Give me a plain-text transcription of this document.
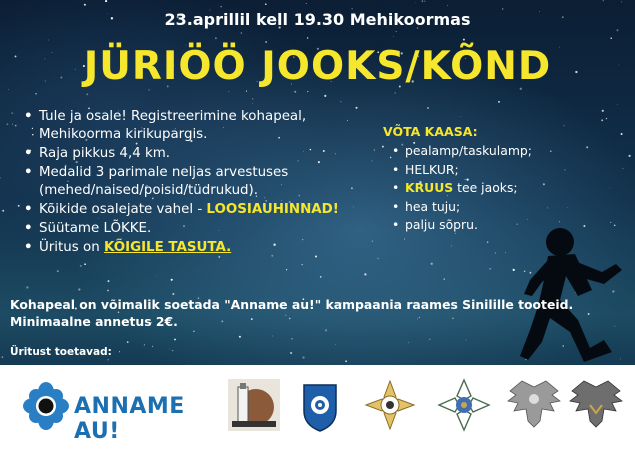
23.aprillil kell 19.30 Mehikoormas
JÜRIÖÖ JOOKS/KÕND
• Tule ja osale! Registreerimine kohapeal, Mehikoorma kirikupargis.
• Raja pikkus 4,4 km.
• Medalid 3 parimale neljas arvestuses (mehed/naised/poisid/tüdrukud).
• Kõikide osalejate vahel - LOOSIAUHINNAD!
• Süütame LÕKKE.
• Üritus on KÕIGILE TASUTA.
VÕTA KAASA:
• pealamp/taskulamp;
• HELKUR;
• KRUUS tee jaoks;
• hea tuju;
• palju sõpru.
Kohapeal on võimalik soetada "Anname au!" kampaania raames Sinilille tooteid.
Minimaalne annetus 2€.
Üritust toetavad:
ANNAME AU!
